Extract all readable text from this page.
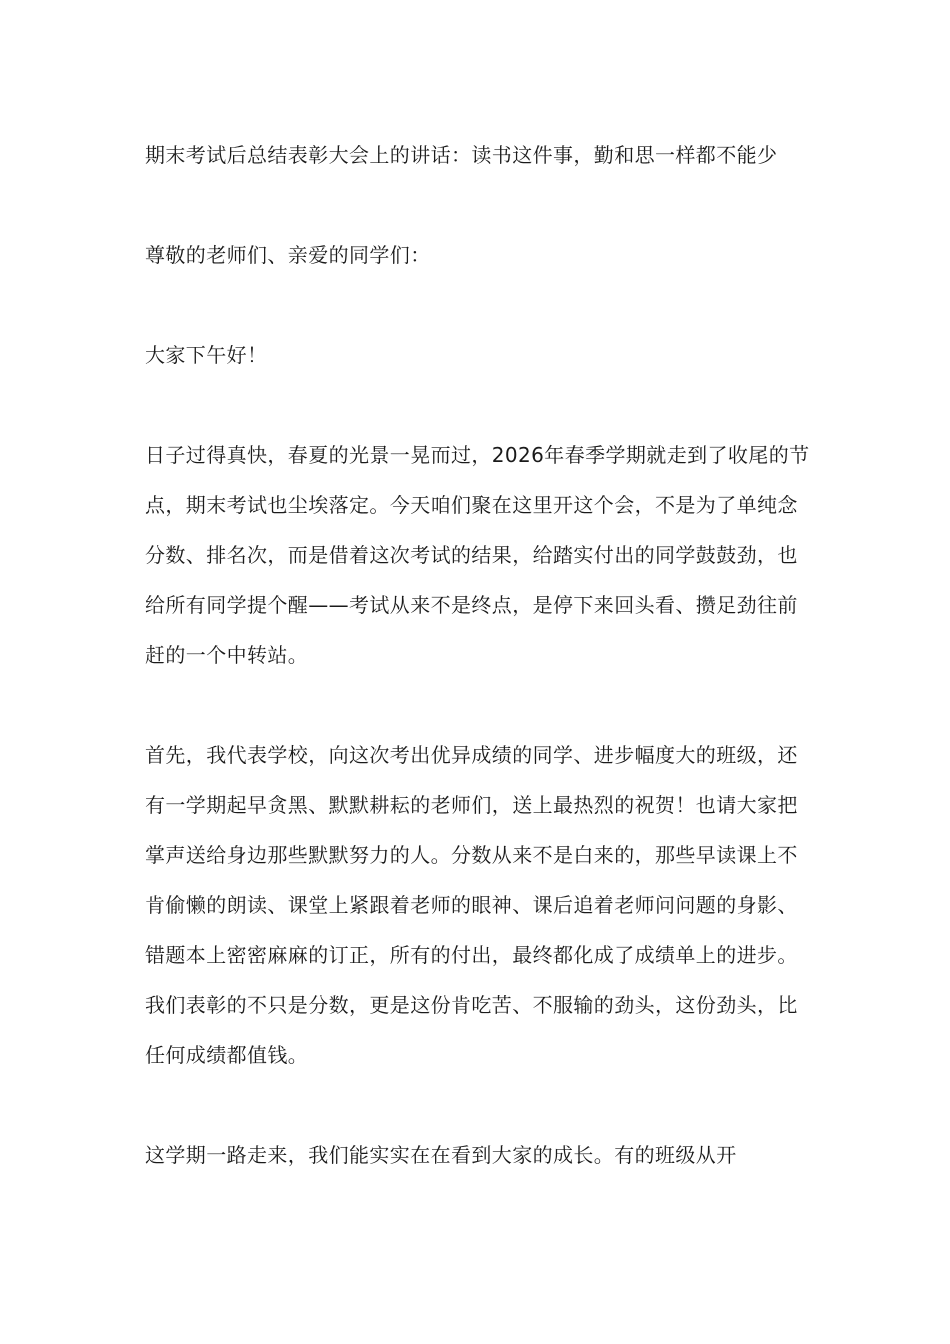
期末考试后总结表彰大会上的讲话：读书这件事，勤和思一样都不能少

尊敬的老师们、亲爱的同学们：

大家下午好！

日子过得真快，春夏的光景一晃而过，2026年春季学期就走到了收尾的节点，期末考试也尘埃落定。今天咱们聚在这里开这个会，不是为了单纯念分数、排名次，而是借着这次考试的结果，给踏实付出的同学鼓鼓劲，也给所有同学提个醒——考试从来不是终点，是停下来回头看、攒足劲往前赶的一个中转站。

首先，我代表学校，向这次考出优异成绩的同学、进步幅度大的班级，还有一学期起早贪黑、默默耕耘的老师们，送上最热烈的祝贺！也请大家把掌声送给身边那些默默努力的人。分数从来不是白来的，那些早读课上不肯偷懒的朗读、课堂上紧跟着老师的眼神、课后追着老师问问题的身影、错题本上密密麻麻的订正，所有的付出，最终都化成了成绩单上的进步。我们表彰的不只是分数，更是这份肯吃苦、不服输的劲头，这份劲头，比任何成绩都值钱。

这学期一路走来，我们能实实在在看到大家的成长。有的班级从开
